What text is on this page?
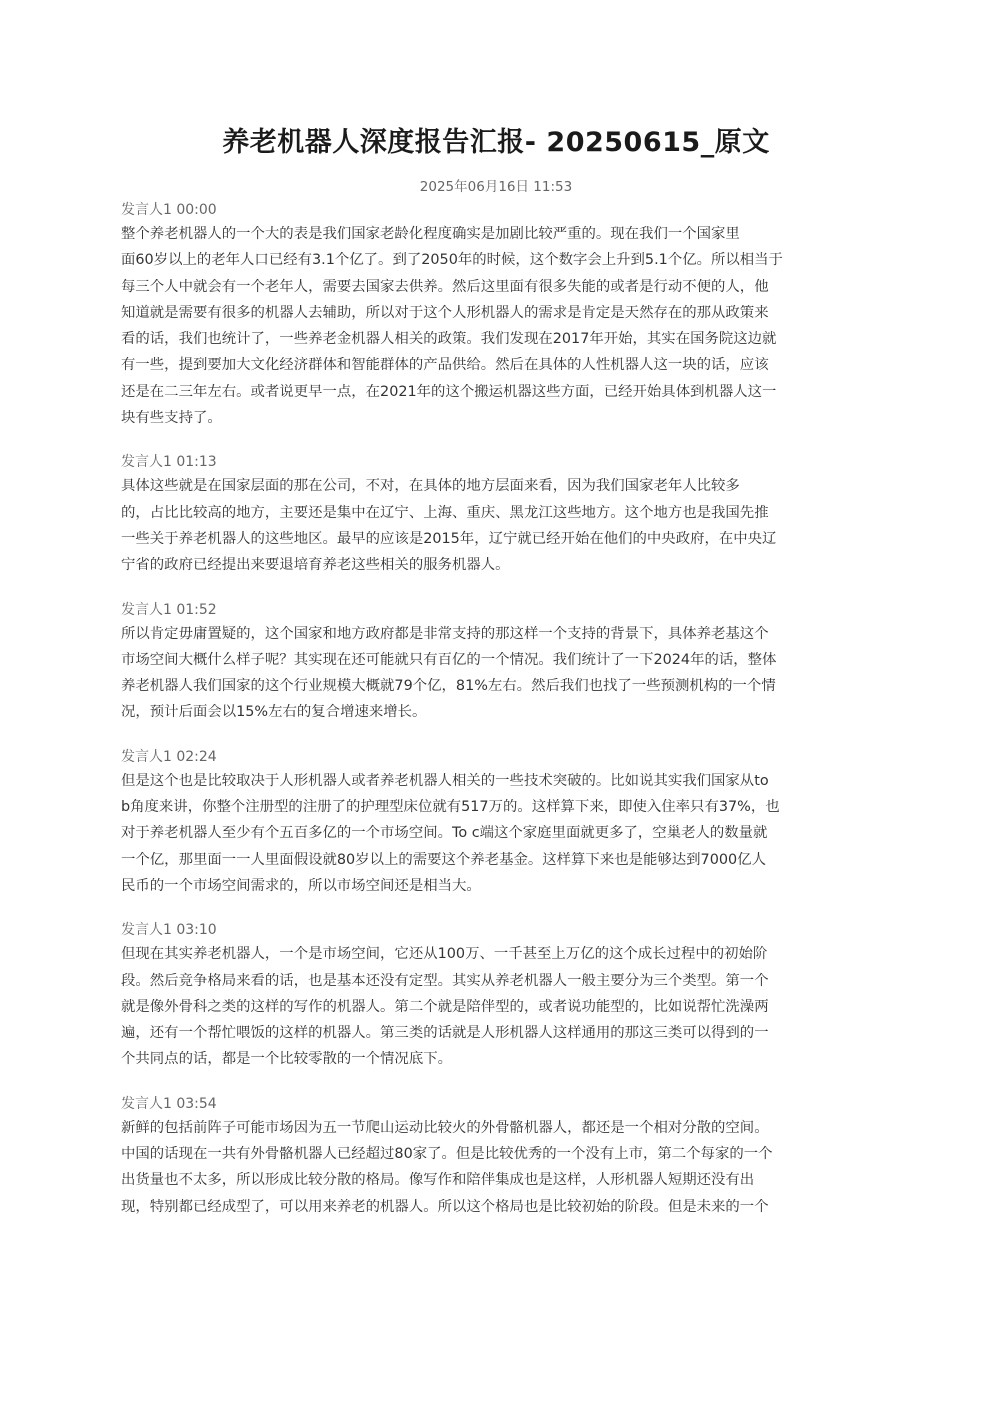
养老机器人深度报告汇报- 20250615_原文
2025年06月16日 11:53
发言人1 00:00
整个养老机器人的一个大的表是我们国家老龄化程度确实是加剧比较严重的。现在我们一个国家里
面60岁以上的老年人口已经有3.1个亿了。到了2050年的时候，这个数字会上升到5.1个亿。所以相当于
每三个人中就会有一个老年人，需要去国家去供养。然后这里面有很多失能的或者是行动不便的人，他
知道就是需要有很多的机器人去辅助，所以对于这个人形机器人的需求是肯定是天然存在的那从政策来
看的话，我们也统计了，一些养老金机器人相关的政策。我们发现在2017年开始，其实在国务院这边就
有一些，提到要加大文化经济群体和智能群体的产品供给。然后在具体的人性机器人这一块的话，应该
还是在二三年左右。或者说更早一点，在2021年的这个搬运机器这些方面，已经开始具体到机器人这一
块有些支持了。
发言人1 01:13
具体这些就是在国家层面的那在公司，不对，在具体的地方层面来看，因为我们国家老年人比较多
的，占比比较高的地方，主要还是集中在辽宁、上海、重庆、黑龙江这些地方。这个地方也是我国先推
一些关于养老机器人的这些地区。最早的应该是2015年，辽宁就已经开始在他们的中央政府，在中央辽
宁省的政府已经提出来要退培育养老这些相关的服务机器人。
发言人1 01:52
所以肯定毋庸置疑的，这个国家和地方政府都是非常支持的那这样一个支持的背景下，具体养老基这个
市场空间大概什么样子呢？其实现在还可能就只有百亿的一个情况。我们统计了一下2024年的话，整体
养老机器人我们国家的这个行业规模大概就79个亿，81%左右。然后我们也找了一些预测机构的一个情
况，预计后面会以15%左右的复合增速来增长。
发言人1 02:24
但是这个也是比较取决于人形机器人或者养老机器人相关的一些技术突破的。比如说其实我们国家从to
b角度来讲，你整个注册型的注册了的护理型床位就有517万的。这样算下来，即使入住率只有37%，也
对于养老机器人至少有个五百多亿的一个市场空间。To c端这个家庭里面就更多了，空巢老人的数量就
一个亿，那里面一一人里面假设就80岁以上的需要这个养老基金。这样算下来也是能够达到7000亿人
民币的一个市场空间需求的，所以市场空间还是相当大。
发言人1 03:10
但现在其实养老机器人，一个是市场空间，它还从100万、一千甚至上万亿的这个成长过程中的初始阶
段。然后竞争格局来看的话，也是基本还没有定型。其实从养老机器人一般主要分为三个类型。第一个
就是像外骨科之类的这样的写作的机器人。第二个就是陪伴型的，或者说功能型的，比如说帮忙洗澡两
遍，还有一个帮忙喂饭的这样的机器人。第三类的话就是人形机器人这样通用的那这三类可以得到的一
个共同点的话，都是一个比较零散的一个情况底下。
发言人1 03:54
新鲜的包括前阵子可能市场因为五一节爬山运动比较火的外骨骼机器人，都还是一个相对分散的空间。
中国的话现在一共有外骨骼机器人已经超过80家了。但是比较优秀的一个没有上市，第二个每家的一个
出货量也不太多，所以形成比较分散的格局。像写作和陪伴集成也是这样，人形机器人短期还没有出
现，特别都已经成型了，可以用来养老的机器人。所以这个格局也是比较初始的阶段。但是未来的一个
